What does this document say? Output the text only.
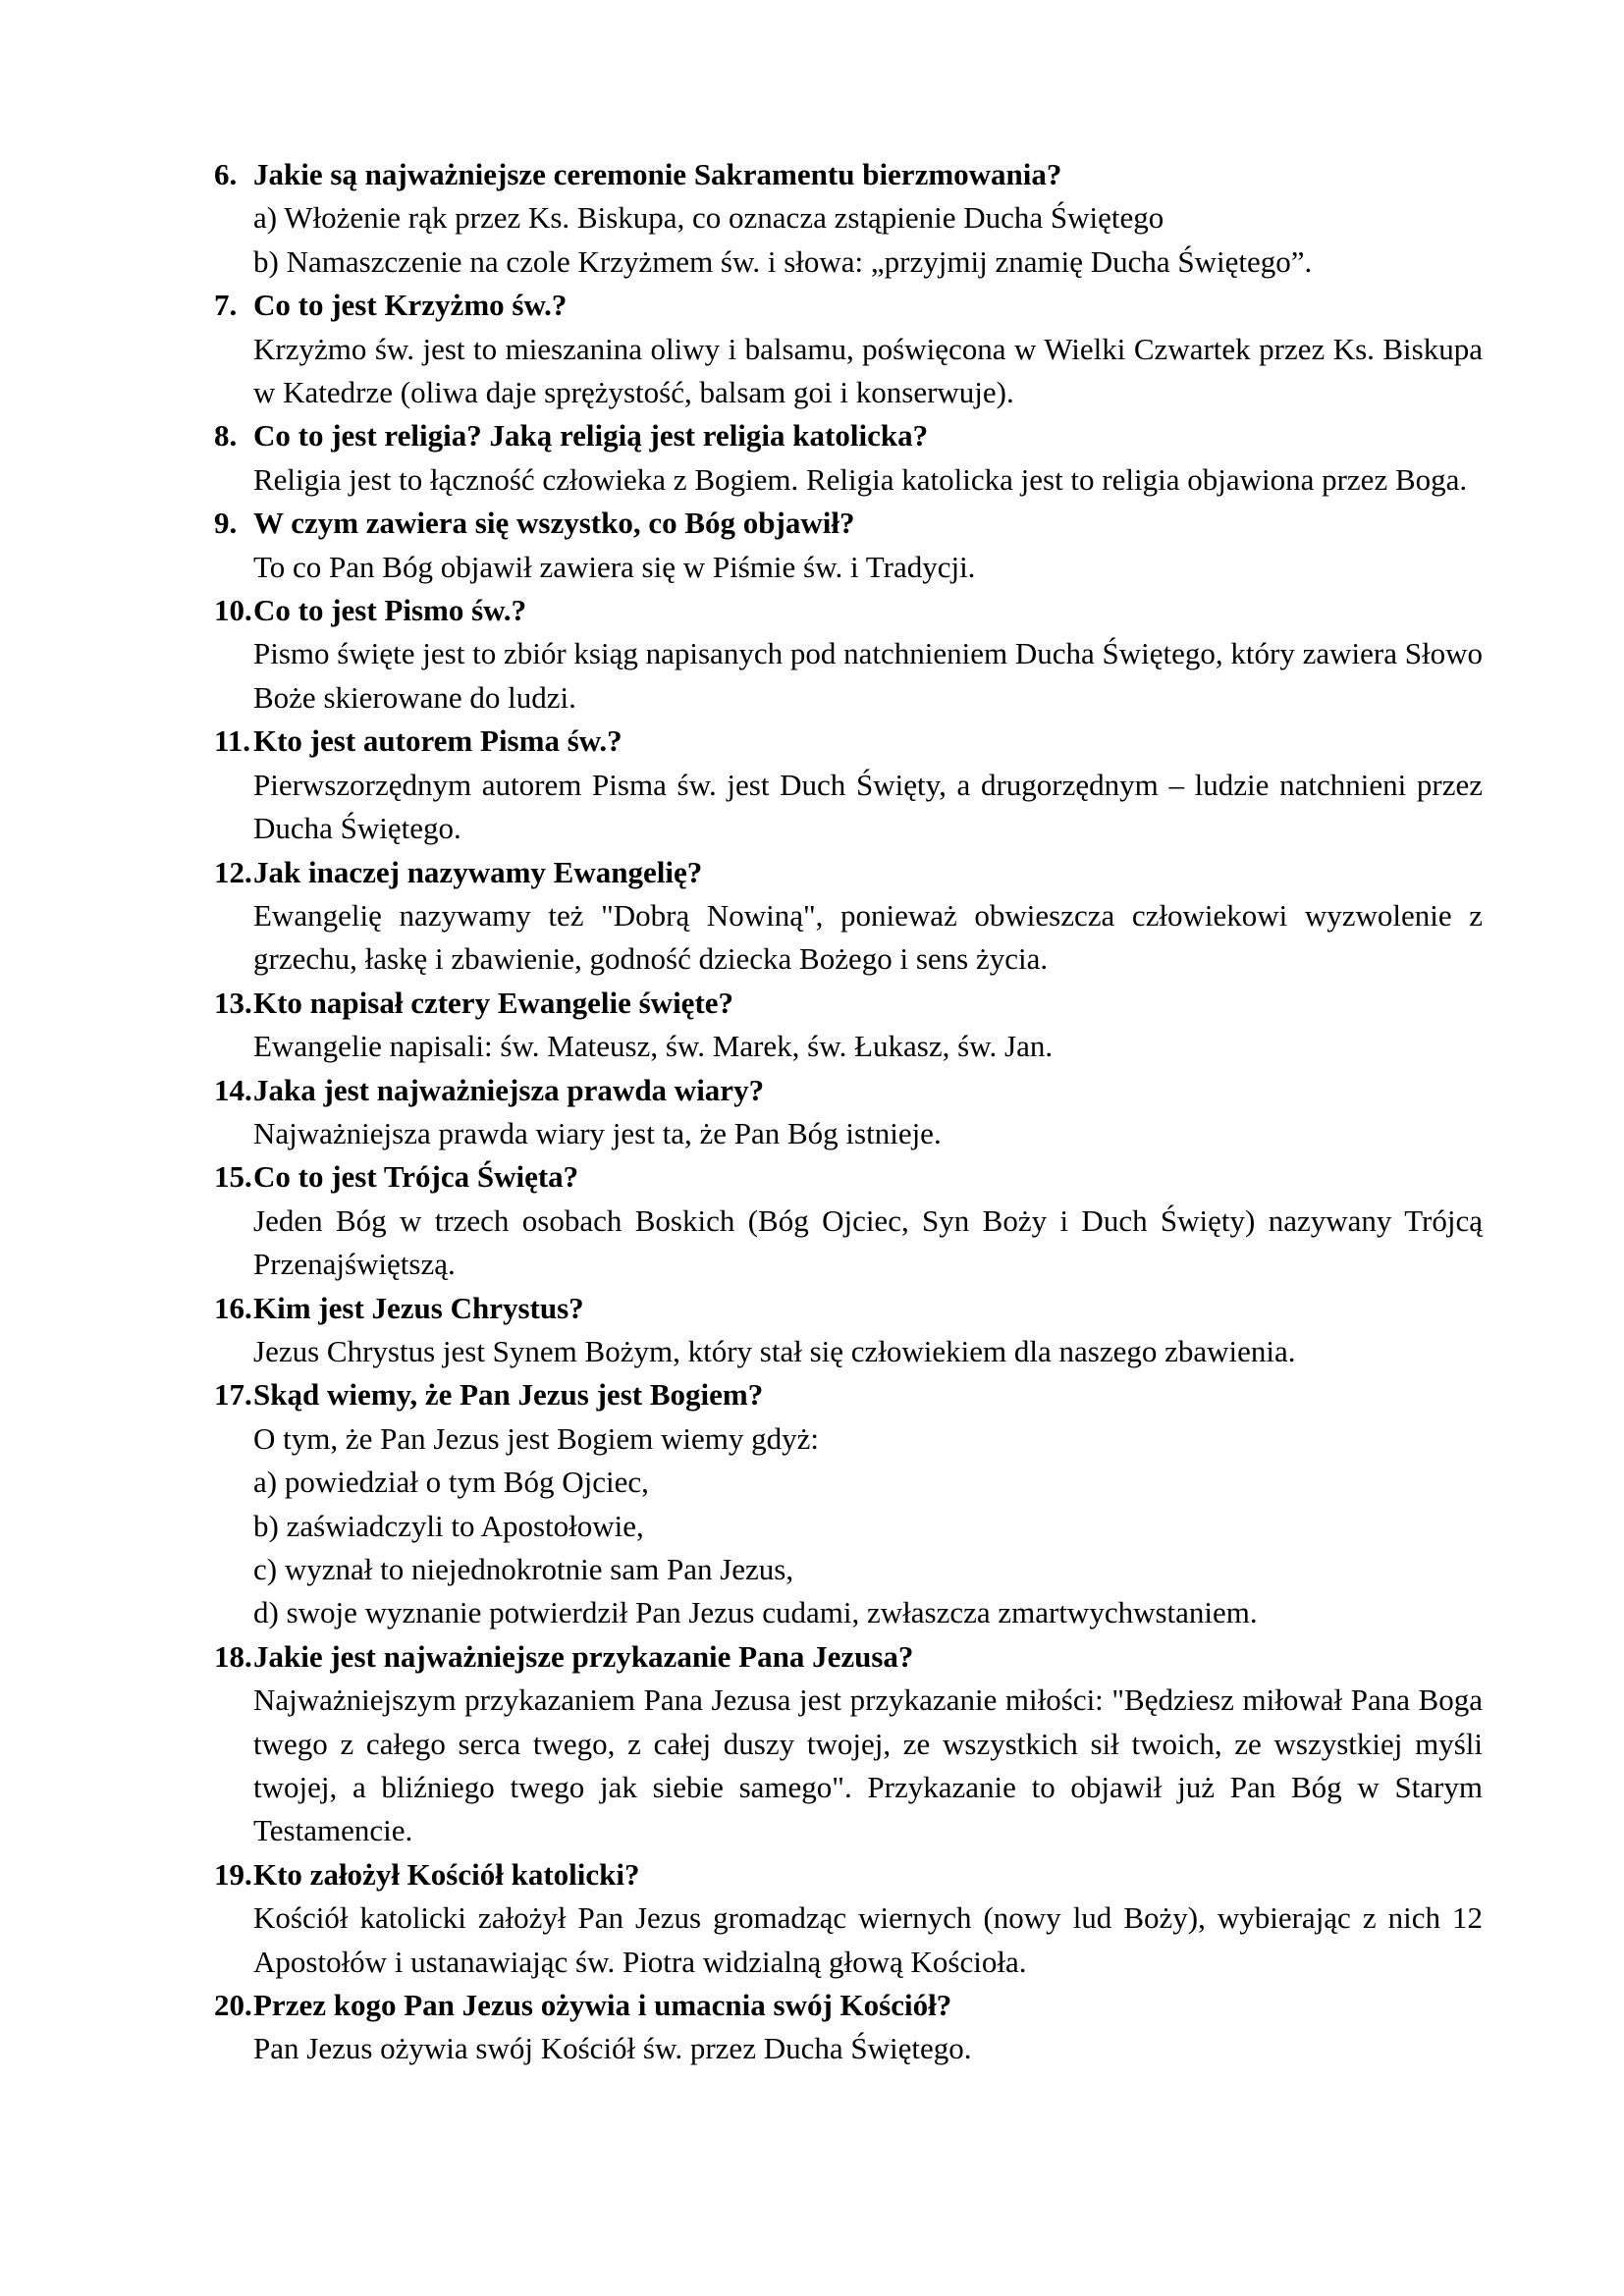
6. Jakie są najważniejsze ceremonie Sakramentu bierzmowania?
a) Włożenie rąk przez Ks. Biskupa, co oznacza zstąpienie Ducha Świętego
b) Namaszczenie na czole Krzyżmem św. i słowa: „przyjmij znamię Ducha Świętego”.
7. Co to jest Krzyżmo św.?
Krzyżmo św. jest to mieszanina oliwy i balsamu, poświęcona w Wielki Czwartek przez Ks. Biskupa w Katedrze (oliwa daje sprężystość, balsam goi i konserwuje).
8. Co to jest religia? Jaką religią jest religia katolicka?
Religia jest to łączność człowieka z Bogiem. Religia katolicka jest to religia objawiona przez Boga.
9. W czym zawiera się wszystko, co Bóg objawił?
To co Pan Bóg objawił zawiera się w Piśmie św. i Tradycji.
10. Co to jest Pismo św.?
Pismo święte jest to zbiór ksiąg napisanych pod natchnieniem Ducha Świętego, który zawiera Słowo Boże skierowane do ludzi.
11. Kto jest autorem Pisma św.?
Pierwszorzędnym autorem Pisma św. jest Duch Święty, a drugorzędnym – ludzie natchnieni przez Ducha Świętego.
12. Jak inaczej nazywamy Ewangelię?
Ewangelię nazywamy też "Dobrą Nowiną", ponieważ obwieszcza człowiekowi wyzwolenie z grzechu, łaskę i zbawienie, godność dziecka Bożego i sens życia.
13. Kto napisał cztery Ewangelie święte?
Ewangelie napisali: św. Mateusz, św. Marek, św. Łukasz, św. Jan.
14. Jaka jest najważniejsza prawda wiary?
Najważniejsza prawda wiary jest ta, że Pan Bóg istnieje.
15. Co to jest Trójca Święta?
Jeden Bóg w trzech osobach Boskich (Bóg Ojciec, Syn Boży i Duch Święty) nazywany Trójcą Przenajświętszą.
16. Kim jest Jezus Chrystus?
Jezus Chrystus jest Synem Bożym, który stał się człowiekiem dla naszego zbawienia.
17. Skąd wiemy, że Pan Jezus jest Bogiem?
O tym, że Pan Jezus jest Bogiem wiemy gdyż:
a) powiedział o tym Bóg Ojciec,
b) zaświadczyli to Apostołowie,
c) wyznał to niejednokrotnie sam Pan Jezus,
d) swoje wyznanie potwierdził Pan Jezus cudami, zwłaszcza zmartwychwstaniem.
18. Jakie jest najważniejsze przykazanie Pana Jezusa?
Najważniejszym przykazaniem Pana Jezusa jest przykazanie miłości: "Będziesz miłował Pana Boga twego z całego serca twego, z całej duszy twojej, ze wszystkich sił twoich, ze wszystkiej myśli twojej, a bliźniego twego jak siebie samego". Przykazanie to objawił już Pan Bóg w Starym Testamencie.
19. Kto założył Kościół katolicki?
Kościół katolicki założył Pan Jezus gromadząc wiernych (nowy lud Boży), wybierając z nich 12 Apostołów i ustanawiając św. Piotra widzialną głową Kościoła.
20. Przez kogo Pan Jezus ożywia i umacnia swój Kościół?
Pan Jezus ożywia swój Kościół św. przez Ducha Świętego.
